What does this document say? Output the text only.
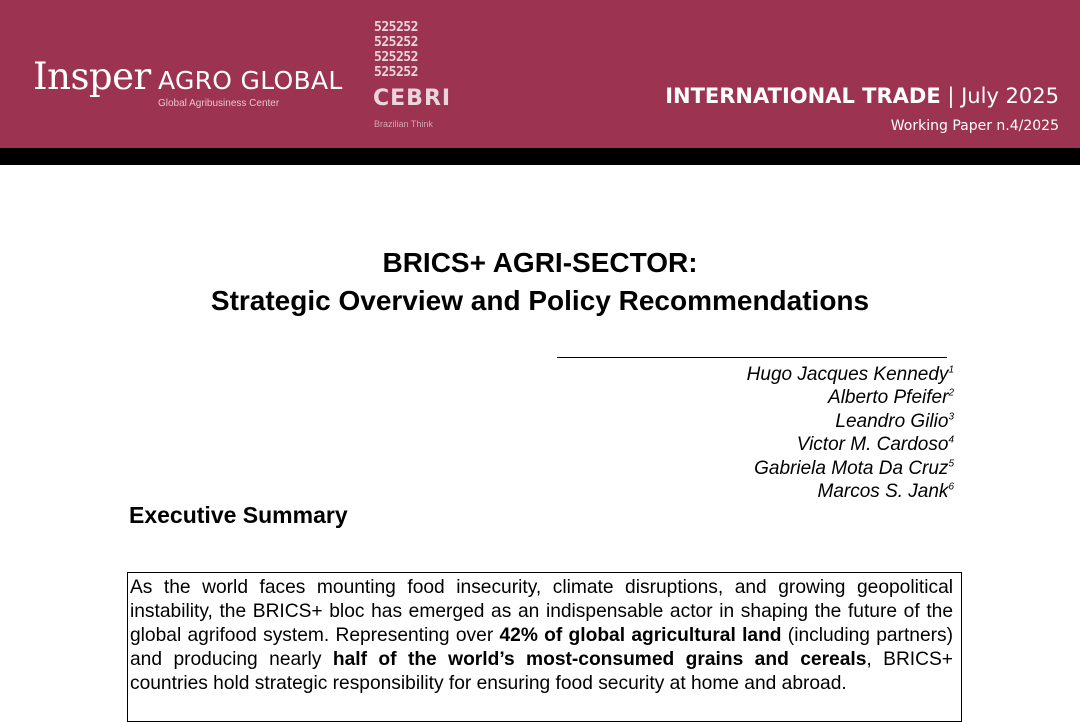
Insper AGRO GLOBAL
Global Agribusiness Center
525252
525252
525252
525252
CEBRI
Brazilian Think
INTERNATIONAL TRADE | July 2025
Working Paper n.4/2025
BRICS+ AGRI-SECTOR:
Strategic Overview and Policy Recommendations
Hugo Jacques Kennedy$^1$
Alberto Pfeifer$^2$
Leandro Gilio$^3$
Victor M. Cardoso$^4$
Gabriela Mota Da Cruz$^5$
Marcos S. Jank$^6$
Executive Summary

As the world faces mounting food insecurity, climate disruptions, and growing geopolitical instability, the BRICS+ bloc has emerged as an indispensable actor in shaping the future of the global agrifood system. Representing over 42% of global agricultural land (including partners) and producing nearly half of the world’s most-consumed grains and cereals, BRICS+ countries hold strategic responsibility for ensuring food security at home and abroad.
